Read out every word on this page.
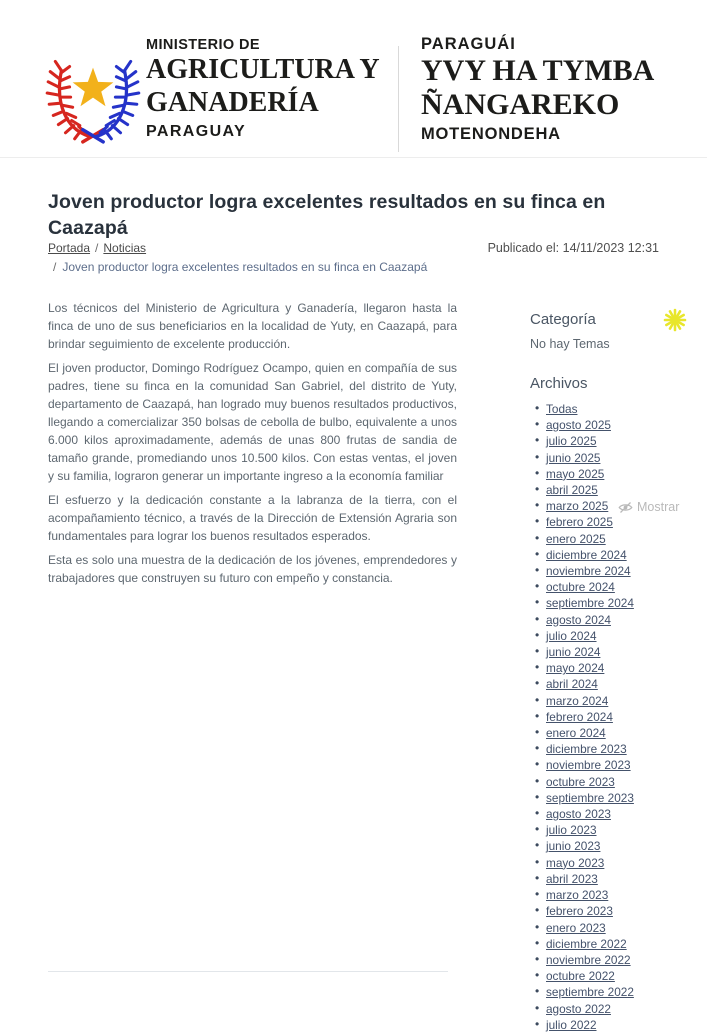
MINISTERIO DE
AGRICULTURA Y
GANADERÍA
PARAGUAY
PARAGUÁI
YVY HA TYMBA
ÑANGAREKO
MOTENONDEHA
Joven productor logra excelentes resultados en su finca en Caazapá
Portada / Noticias	Publicado el: 14/11/2023 12:31
/ Joven productor logra excelentes resultados en su finca en Caazapá

Los técnicos del Ministerio de Agricultura y Ganadería, llegaron hasta la finca de uno de sus beneficiarios en la localidad de Yuty, en Caazapá, para brindar seguimiento de excelente producción.

El joven productor, Domingo Rodríguez Ocampo, quien en compañía de sus padres, tiene su finca en la comunidad San Gabriel, del distrito de Yuty, departamento de Caazapá, han logrado muy buenos resultados productivos, llegando a comercializar 350 bolsas de cebolla de bulbo, equivalente a unos 6.000 kilos aproximadamente, además de unas 800 frutas de sandia de tamaño grande, promediando unos 10.500 kilos. Con estas ventas, el joven y su familia, lograron generar un importante ingreso a la economía familiar

El esfuerzo y la dedicación constante a la labranza de la tierra, con el acompañamiento técnico, a través de la Dirección de Extensión Agraria son fundamentales para lograr los buenos resultados esperados.

Esta es solo una muestra de la dedicación de los jóvenes, emprendedores y trabajadores que construyen su futuro con empeño y constancia.

Categoría

No hay Temas

Archivos
• Todas
• agosto 2025
• julio 2025
• junio 2025
• mayo 2025
• abril 2025
• marzo 2025
• febrero 2025
• enero 2025
• diciembre 2024
• noviembre 2024
• octubre 2024
• septiembre 2024
• agosto 2024
• julio 2024
• junio 2024
• mayo 2024
• abril 2024
• marzo 2024
• febrero 2024
• enero 2024
• diciembre 2023
• noviembre 2023
• octubre 2023
• septiembre 2023
• agosto 2023
• julio 2023
• junio 2023
• mayo 2023
• abril 2023
• marzo 2023
• febrero 2023
• enero 2023
• diciembre 2022
• noviembre 2022
• octubre 2022
• septiembre 2022
• agosto 2022
• julio 2022
Mostrar
